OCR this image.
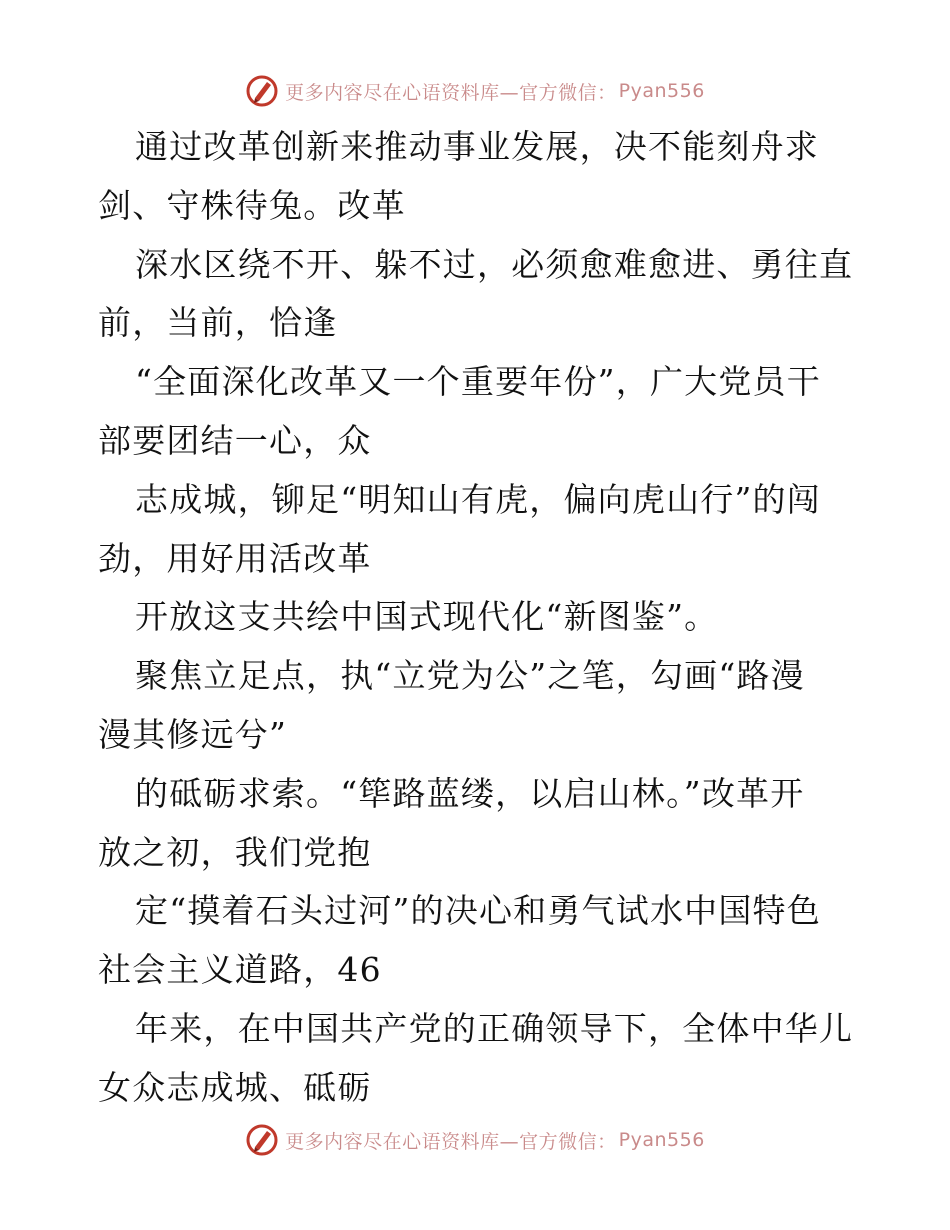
更多内容尽在心语资料库—官方微信： Pyan556
通过改革创新来推动事业发展，决不能刻舟求
剑、守株待兔。改革
深水区绕不开、躲不过，必须愈难愈进、勇往直
前，当前，恰逢
“全面深化改革又一个重要年份”，广大党员干
部要团结一心，众
志成城，铆足“明知山有虎，偏向虎山行”的闯
劲，用好用活改革
开放这支共绘中国式现代化“新图鉴”。
聚焦立足点，执“立党为公”之笔，勾画“路漫
漫其修远兮”
的砥砺求索。“筚路蓝缕，以启山林。”改革开
放之初，我们党抱
定“摸着石头过河”的决心和勇气试水中国特色
社会主义道路，46
年来，在中国共产党的正确领导下，全体中华儿
女众志成城、砥砺
更多内容尽在心语资料库—官方微信： Pyan556
